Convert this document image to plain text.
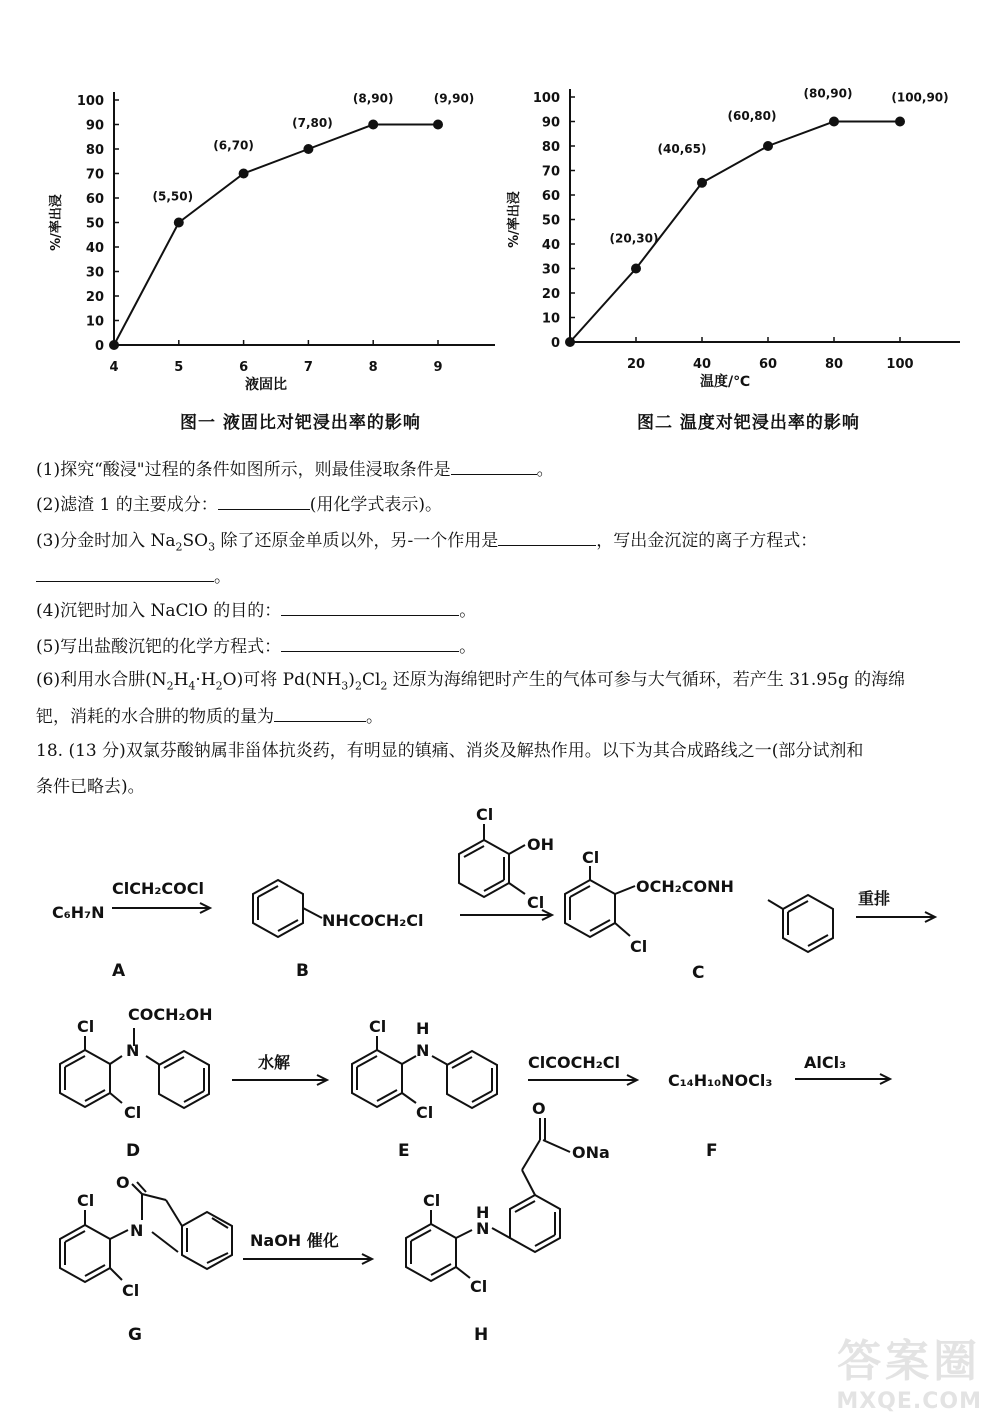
0
10
20
30
40
50
60
70
80
90
100
4	5	6	7	8	9
液固比
%/率出浸	(5,50)
(6,70)
(7,80)
(8,90)	(9,90)
图一 液固比对钯浸出率的影响
0
10
20
30
40
50
60
70
80
90
100
20	40	60	80	100
温度/℃
%/率出浸	(20,30)
(40,65)
(60,80)
(80,90)	(100,90)
图二 温度对钯浸出率的影响
(1)探究“酸浸"过程的条件如图所示，则最佳浸取条件是	。
(2)滤渣 1 的主要成分：	(用化学式表示)。
(3)分金时加入 $Na_2SO_3$ 除了还原金单质以外，另-一个作用是	，写出金沉淀的离子方程式：
。
(4)沉钯时加入 NaClO 的目的：	。
(5)写出盐酸沉钯的化学方程式：	。
(6)利用水合肼$(N_2H_4\cdot H_2O)$可将 $Pd(NH_3)_2Cl_2$ 还原为海绵钯时产生的气体可参与大气循环，若产生 31.95g 的海绵
钯，消耗的水合肼的物质的量为	。
18. (13 分)双氯芬酸钠属非甾体抗炎药，有明显的镇痛、消炎及解热作用。以下为其合成路线之一(部分试剂和
条件已略去)。
C₆H₇N
ClCH₂COCl
NHCOCH₂Cl
Cl
OH
Cl
Cl
OCH₂CONH
Cl
重排
Cl
COCH₂OH
N
Cl
水解
Cl H
N
Cl
ClCOCH₂Cl
C₁₄H₁₀NOCl₃
AlCl₃
Cl
O
N
Cl
NaOH 催化
Cl
H
N
Cl
O
ONa
A	B	C
D	E	F
G	H
答案圈
MXQE.COM
